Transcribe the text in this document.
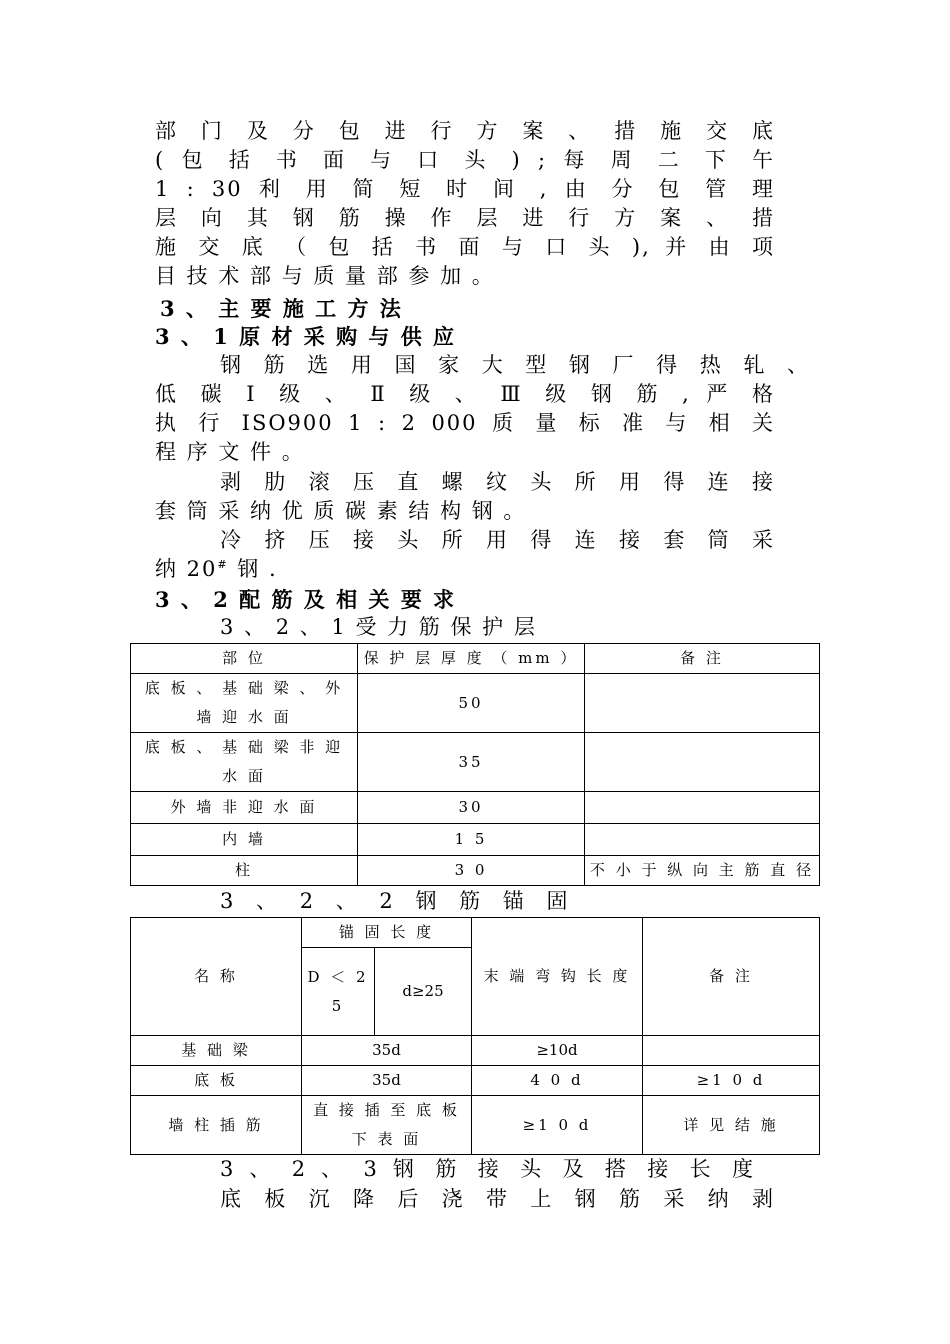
部 门 及 分 包 进 行 方 案 、 措 施 交 底
( 包 括 书 面 与 口 头 ) ; 每 周 二 下 午
1 : 30 利 用 简 短 时 间 , 由 分 包 管 理
层 向 其 钢 筋 操 作 层 进 行 方 案 、 措
施 交 底 （ 包 括 书 面 与 口 头 ), 并 由 项
目 技 术 部 与 质 量 部 参 加 。
3 、 主 要 施 工 方 法
3 、 1 原 材 采 购 与 供 应
钢 筋 选 用 国 家 大 型 钢 厂 得 热 轧 、
低 碳 Ⅰ 级 、 Ⅱ 级 、 Ⅲ 级 钢 筋 , 严 格
执 行 ISO900 1 : 2 000 质 量 标 准 与 相 关
程 序 文 件 。
剥 肋 滚 压 直 螺 纹 头 所 用 得 连 接
套 筒 采 纳 优 质 碳 素 结 构 钢 。
冷 挤 压 接 头 所 用 得 连 接 套 筒 采
纳 20# 钢 .
3 、 2 配 筋 及 相 关 要 求
3 、 2 、 1 受 力 筋 保 护 层
部 位	保 护 层 厚 度 （ mm ）	备 注
底 板 、 基 础 梁 、 外 墙 迎 水 面	50	
底 板 、 基 础 梁 非 迎 水 面	35	
外 墙 非 迎 水 面	30	
内 墙	1 5	
柱	3 0	不 小 于 纵 向 主 筋 直 径
3 、 2 、 2 钢 筋 锚 固
名 称	锚 固 长 度		末 端 弯 钩 长 度	备 注
	D ＜ 25	d≥25		
基 础 梁	35d		≥10d	
底 板	35d		4 0 d	≥1 0 d
墙 柱 插 筋	直 接 插 至 底 板 下 表 面		≥1 0 d	详 见 结 施
3 、 2 、 3 钢 筋 接 头 及 搭 接 长 度
底 板 沉 降 后 浇 带 上 钢 筋 采 纳 剥
